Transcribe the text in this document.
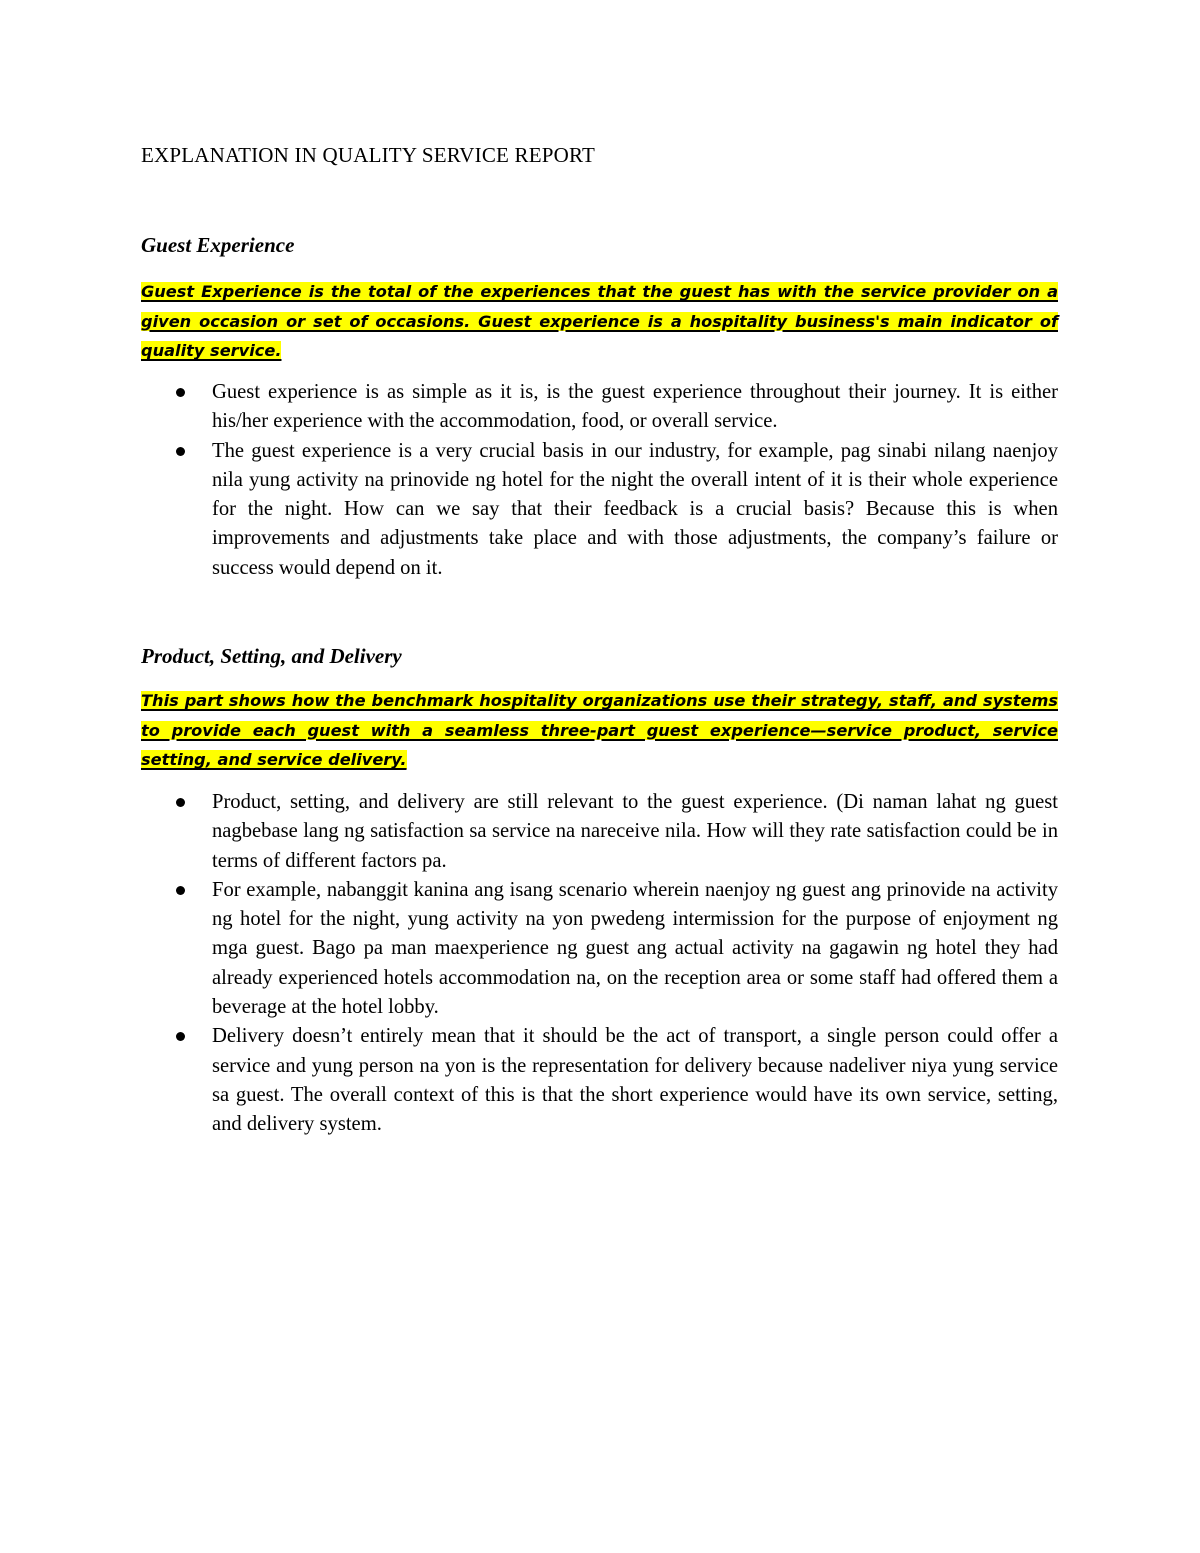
EXPLANATION IN QUALITY SERVICE REPORT
Guest Experience

Guest Experience is the total of the experiences that the guest has with the service provider on a given occasion or set of occasions. Guest experience is a hospitality business's main indicator of quality service.

Guest experience is as simple as it is, is the guest experience throughout their journey. It is either his/her experience with the accommodation, food, or overall service.
The guest experience is a very crucial basis in our industry, for example, pag sinabi nilang naenjoy nila yung activity na prinovide ng hotel for the night the overall intent of it is their whole experience for the night. How can we say that their feedback is a crucial basis? Because this is when improvements and adjustments take place and with those adjustments, the company’s failure or success would depend on it.
Product, Setting, and Delivery

This part shows how the benchmark hospitality organizations use their strategy, staff, and systems to provide each guest with a seamless three-part guest experience—service product, service setting, and service delivery.

Product, setting, and delivery are still relevant to the guest experience. (Di naman lahat ng guest nagbebase lang ng satisfaction sa service na nareceive nila. How will they rate satisfaction could be in terms of different factors pa.
For example, nabanggit kanina ang isang scenario wherein naenjoy ng guest ang prinovide na activity ng hotel for the night, yung activity na yon pwedeng intermission for the purpose of enjoyment ng mga guest. Bago pa man maexperience ng guest ang actual activity na gagawin ng hotel they had already experienced hotels accommodation na, on the reception area or some staff had offered them a beverage at the hotel lobby.
Delivery doesn’t entirely mean that it should be the act of transport, a single person could offer a service and yung person na yon is the representation for delivery because nadeliver niya yung service sa guest. The overall context of this is that the short experience would have its own service, setting, and delivery system.
